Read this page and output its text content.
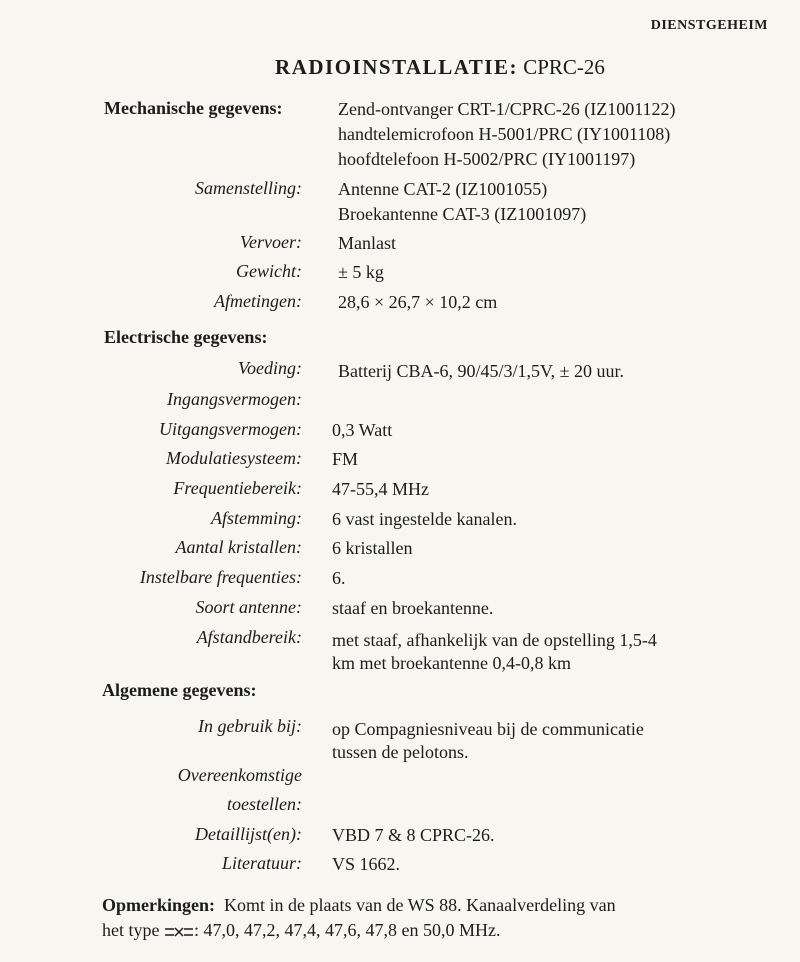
DIENSTGEHEIM
RADIOINSTALLATIE: CPRC-26
Mechanische gegevens:	Zend-ontvanger CRT-1/CPRC-26 (IZ1001122)
handtelemicrofoon H-5001/PRC (IY1001108)
hoofdtelefoon H-5002/PRC (IY1001197)
Samenstelling: Antenne CAT-2 (IZ1001055)
Broekantenne CAT-3 (IZ1001097)
Vervoer: Manlast
Gewicht: ± 5 kg
Afmetingen: 28,6 × 26,7 × 10,2 cm
Electrische gegevens:
Voeding: Batterij CBA-6, 90/45/3/1,5V, ± 20 uur.
Ingangsvermogen:
Uitgangsvermogen: 0,3 Watt
Modulatiesysteem: FM
Frequentiebereik: 47-55,4 MHz
Afstemming: 6 vast ingestelde kanalen.
Aantal kristallen: 6 kristallen
Instelbare frequenties: 6.
Soort antenne: staaf en broekantenne.
Afstandbereik: met staaf, afhankelijk van de opstelling 1,5-4
km met broekantenne 0,4-0,8 km
Algemene gegevens:
In gebruik bij: op Compagniesniveau bij de communicatie
tussen de pelotons.
Overeenkomstige
toestellen:
Detaillijst(en): VBD 7 & 8 CPRC-26.
Literatuur: VS 1662.
Opmerkingen: Komt in de plaats van de WS 88. Kanaalverdeling van
het type : 47,0, 47,2, 47,4, 47,6, 47,8 en 50,0 MHz.
